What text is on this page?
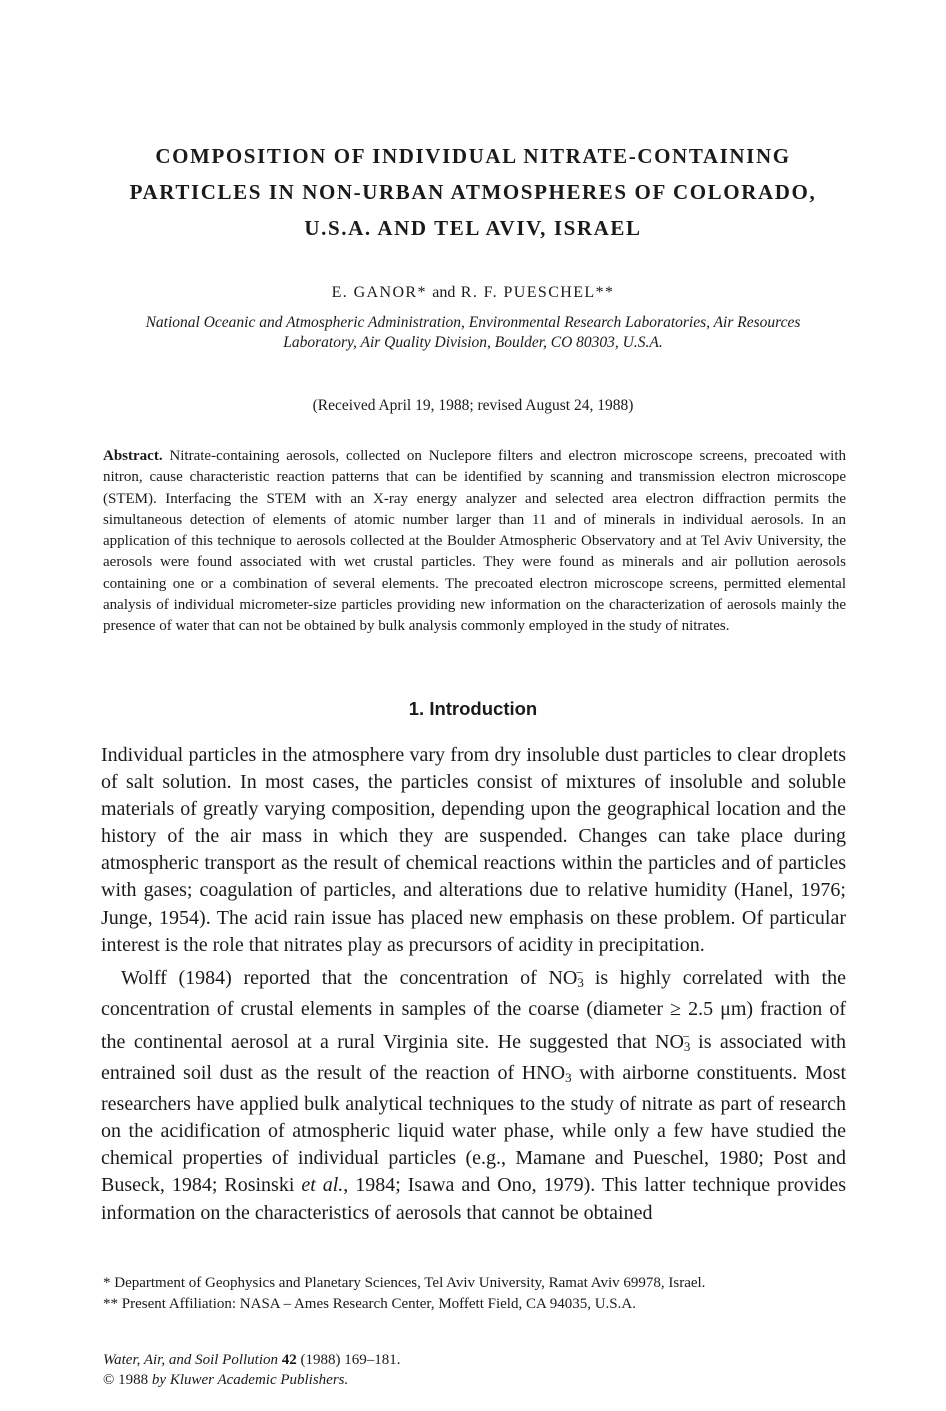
COMPOSITION OF INDIVIDUAL NITRATE-CONTAINING
PARTICLES IN NON-URBAN ATMOSPHERES OF COLORADO,
U.S.A. AND TEL AVIV, ISRAEL
E. GANOR* and R. F. PUESCHEL**
National Oceanic and Atmospheric Administration, Environmental Research Laboratories, Air Resources
Laboratory, Air Quality Division, Boulder, CO 80303, U.S.A.
(Received April 19, 1988; revised August 24, 1988)
Abstract. Nitrate-containing aerosols, collected on Nuclepore filters and electron microscope screens, precoated with nitron, cause characteristic reaction patterns that can be identified by scanning and transmission electron microscope (STEM). Interfacing the STEM with an X-ray energy analyzer and selected area electron diffraction permits the simultaneous detection of elements of atomic number larger than 11 and of minerals in individual aerosols. In an application of this technique to aerosols collected at the Boulder Atmospheric Observatory and at Tel Aviv University, the aerosols were found associated with wet crustal particles. They were found as minerals and air pollution aerosols containing one or a combination of several elements. The precoated electron microscope screens, permitted elemental analysis of individual micrometer-size particles providing new information on the characterization of aerosols mainly the presence of water that can not be obtained by bulk analysis commonly employed in the study of nitrates.
1. Introduction

Individual particles in the atmosphere vary from dry insoluble dust particles to clear droplets of salt solution. In most cases, the particles consist of mixtures of insoluble and soluble materials of greatly varying composition, depending upon the geographical location and the history of the air mass in which they are suspended. Changes can take place during atmospheric transport as the result of chemical reactions within the particles and of particles with gases; coagulation of particles, and alterations due to relative humidity (Hanel, 1976; Junge, 1954). The acid rain issue has placed new emphasis on these problem. Of particular interest is the role that nitrates play as precursors of acidity in precipitation.

Wolff (1984) reported that the concentration of $NO_3^-$ is highly correlated with the concentration of crustal elements in samples of the coarse (diameter ≥ 2.5 μm) fraction of the continental aerosol at a rural Virginia site. He suggested that $NO_3^-$ is associated with entrained soil dust as the result of the reaction of $HNO_3$ with airborne constituents. Most researchers have applied bulk analytical techniques to the study of nitrate as part of research on the acidification of atmospheric liquid water phase, while only a few have studied the chemical properties of individual particles (e.g., Mamane and Pueschel, 1980; Post and Buseck, 1984; Rosinski et al., 1984; Isawa and Ono, 1979). This latter technique provides information on the characteristics of aerosols that cannot be obtained

* Department of Geophysics and Planetary Sciences, Tel Aviv University, Ramat Aviv 69978, Israel.
** Present Affiliation: NASA – Ames Research Center, Moffett Field, CA 94035, U.S.A.
Water, Air, and Soil Pollution 42 (1988) 169–181.
© 1988 by Kluwer Academic Publishers.
